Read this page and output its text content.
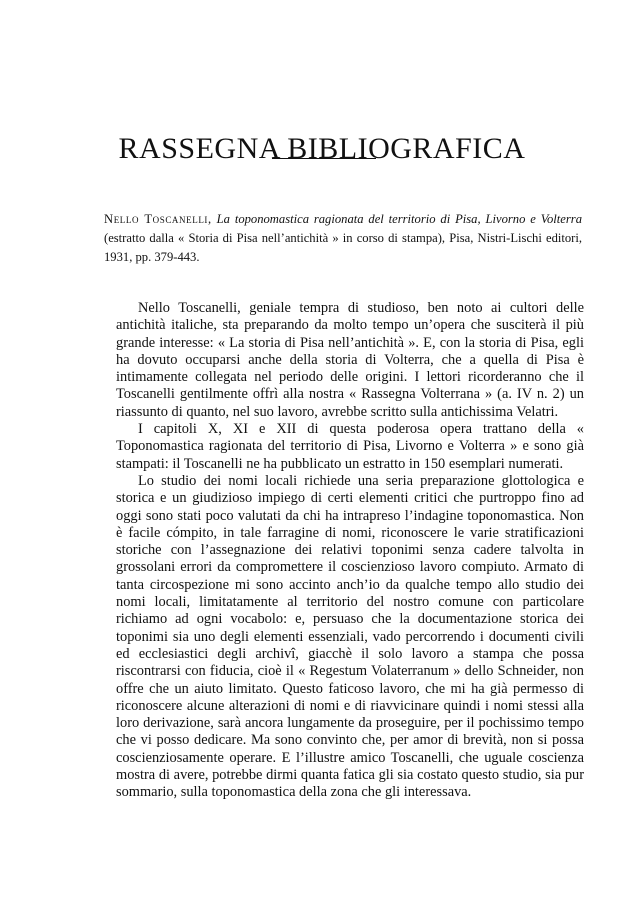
RASSEGNA BIBLIOGRAFICA
Nello Toscanelli, La toponomastica ragionata del territorio di Pisa, Livorno e Volterra (estratto dalla « Storia di Pisa nell’antichità » in corso di stampa), Pisa, Nistri-Lischi editori, 1931, pp. 379-443.

Nello Toscanelli, geniale tempra di studioso, ben noto ai cultori delle antichità italiche, sta preparando da molto tempo un’opera che susciterà il più grande interesse: « La storia di Pisa nell’antichità ». E, con la storia di Pisa, egli ha dovuto occuparsi anche della storia di Volterra, che a quella di Pisa è intimamente collegata nel periodo delle origini. I lettori ricorderanno che il Toscanelli gentilmente offrì alla nostra « Rassegna Volterrana » (a. IV n. 2) un riassunto di quanto, nel suo lavoro, avrebbe scritto sulla antichissima Velatri.

I capitoli X, XI e XII di questa poderosa opera trattano della « Toponomastica ragionata del territorio di Pisa, Livorno e Volterra » e sono già stampati: il Toscanelli ne ha pubblicato un estratto in 150 esemplari numerati.

Lo studio dei nomi locali richiede una seria preparazione glottologica e storica e un giudizioso impiego di certi elementi critici che purtroppo fino ad oggi sono stati poco valutati da chi ha intrapreso l’indagine toponomastica. Non è facile cómpito, in tale farragine di nomi, riconoscere le varie stratificazioni storiche con l’assegnazione dei relativi toponimi senza cadere talvolta in grossolani errori da compromettere il coscienzioso lavoro compiuto. Armato di tanta circospezione mi sono accinto anch’io da qualche tempo allo studio dei nomi locali, limitatamente al territorio del nostro comune con particolare richiamo ad ogni vocabolo: e, persuaso che la documentazione storica dei toponimi sia uno degli elementi essenziali, vado percorrendo i documenti civili ed ecclesiastici degli archivî, giacchè il solo lavoro a stampa che possa riscontrarsi con fiducia, cioè il « Regestum Volaterranum » dello Schneider, non offre che un aiuto limitato. Questo faticoso lavoro, che mi ha già permesso di riconoscere alcune alterazioni di nomi e di riavvicinare quindi i nomi stessi alla loro derivazione, sarà ancora lungamente da proseguire, per il pochissimo tempo che vi posso dedicare. Ma sono convinto che, per amor di brevità, non si possa coscienziosamente operare. E l’illustre amico Toscanelli, che uguale coscienza mostra di avere, potrebbe dirmi quanta fatica gli sia costato questo studio, sia pur sommario, sulla toponomastica della zona che gli interessava.
